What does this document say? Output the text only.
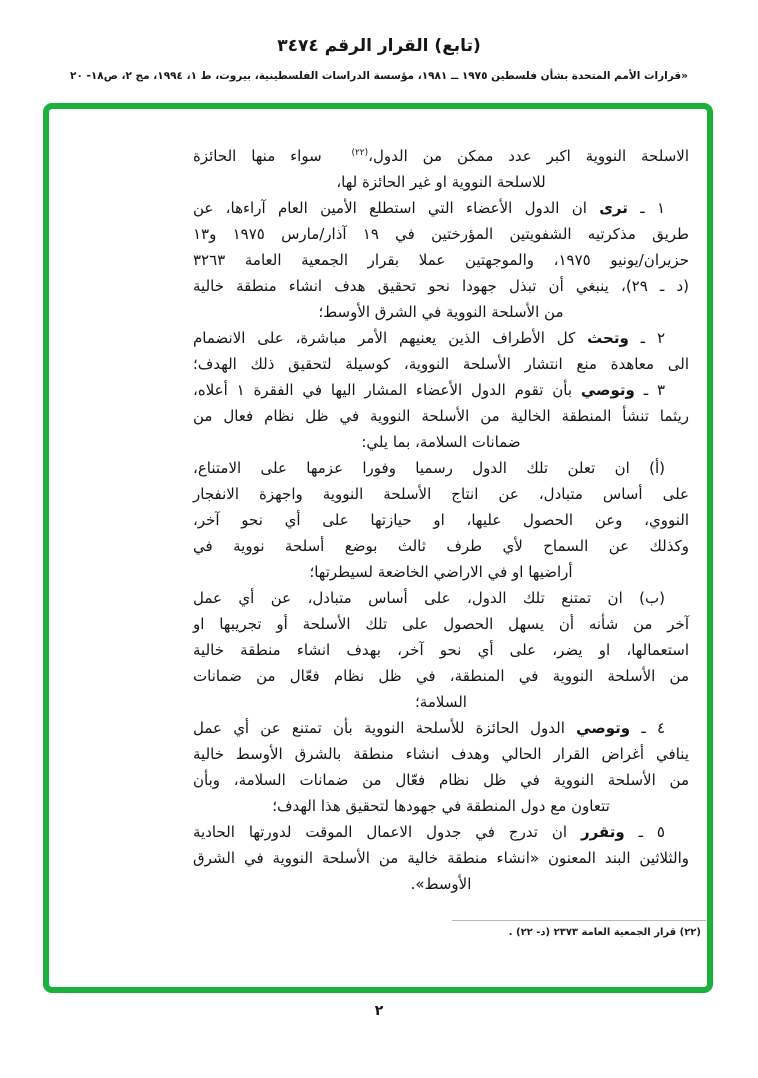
(تابع) القرار الرقم ٣٤٧٤
«قرارات الأمم المتحدة بشأن فلسطين ١٩٧٥ ــ ١٩٨١، مؤسسة الدراسات الفلسطينية، بيروت، ط ١، ١٩٩٤، مج ٢، ص١٨- ٢٠
الاسلحة النووية اكبر عدد ممكن من الدول،$^{(٢٢)}$  سواء منها الحائزة
للاسلحة النووية او غير الحائزة لها،
١ ـ ترى ان الدول الأعضاء التي استطلع الأمين العام آراءها، عن
طريق مذكرتيه الشفويتين المؤرختين في ١٩ آذار/مارس ١٩٧٥ و١٣
حزيران/يونيو ١٩٧٥، والموجهتين عملا بقرار الجمعية العامة ٣٢٦٣
(د ـ ٢٩)، ينبغي أن تبذل جهودا نحو تحقيق هدف انشاء منطقة خالية
من الأسلحة النووية في الشرق الأوسط؛
٢ ـ وتحث كل الأطراف الذين يعنيهم الأمر مباشرة، على الانضمام
الى معاهدة منع انتشار الأسلحة النووية، كوسيلة لتحقيق ذلك الهدف؛
٣ ـ وتوصي بأن تقوم الدول الأعضاء المشار اليها في الفقرة ١ أعلاه،
ريثما تنشأ المنطقة الخالية من الأسلحة النووية في ظل نظام فعال من
ضمانات السلامة، بما يلي:
(أ) ان تعلن تلك الدول رسميا وفورا عزمها على الامتناع،
على أساس متبادل، عن انتاج الأسلحة النووية واجهزة الانفجار
النووي، وعن الحصول عليها، او حيازتها على أي نحو آخر،
وكذلك عن السماح لأي طرف ثالث بوضع أسلحة نووية في
أراضيها او في الاراضي الخاضعة لسيطرتها؛
(ب) ان تمتنع تلك الدول، على أساس متبادل، عن أي عمل
آخر من شأنه أن يسهل الحصول على تلك الأسلحة أو تجريبها او
استعمالها، او يضر، على أي نحو آخر، بهدف انشاء منطقة خالية
من الأسلحة النووية في المنطقة، في ظل نظام فعّال من ضمانات
السلامة؛
٤ ـ وتوصي الدول الحائزة للأسلحة النووية بأن تمتنع عن أي عمل
ينافي أغراض القرار الحالي وهدف انشاء منطقة بالشرق الأوسط خالية
من الأسلحة النووية في ظل نظام فعّال من ضمانات السلامة، وبأن
تتعاون مع دول المنطقة في جهودها لتحقيق هذا الهدف؛
٥ ـ وتقرر ان تدرج في جدول الاعمال الموقت لدورتها الحادية
والثلاثين البند المعنون «انشاء منطقة خالية من الأسلحة النووية في الشرق
الأوسط».
(٢٢) قرار الجمعية العامة ٢٣٧٣ (د- ٢٢) .
٢
